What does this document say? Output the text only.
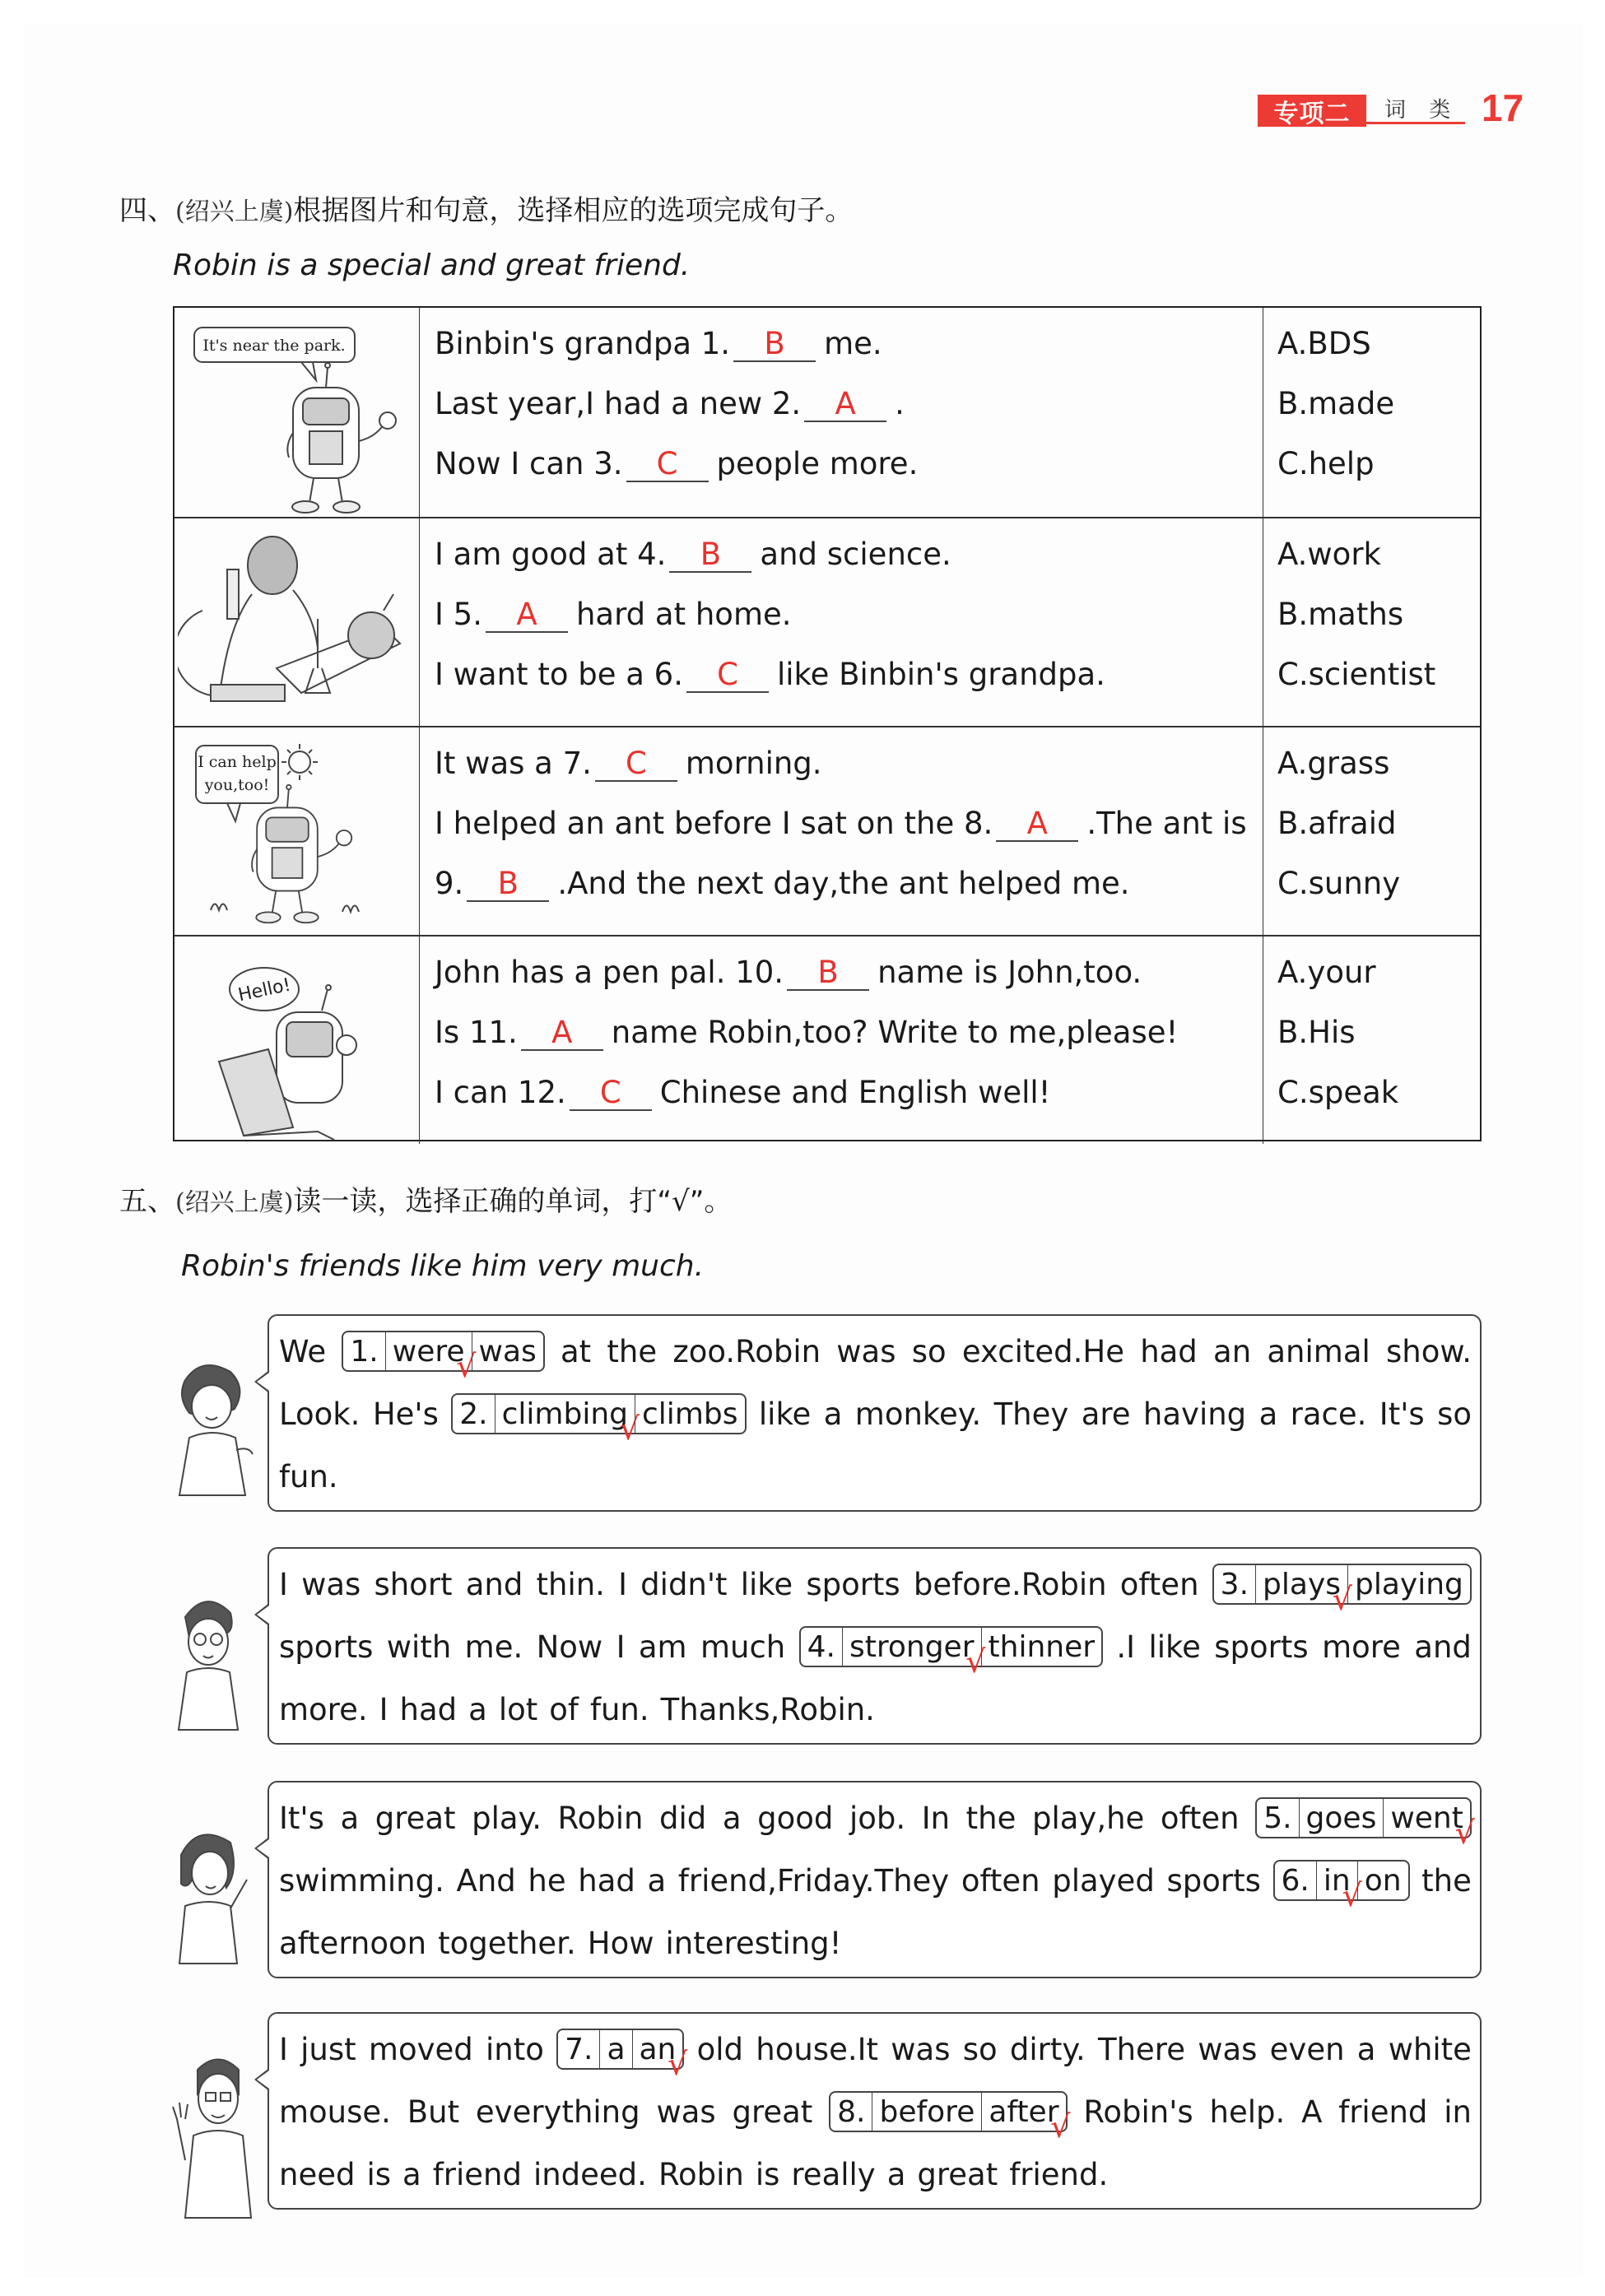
专项二	词 类 17
四、(绍兴上虞)根据图片和句意，选择相应的选项完成句子。
Robin is a special and great friend.
It's near the park.	Binbin's grandpa 1. B me.
Last year,I had a new 2. A .
Now I can 3. C people more.
A.BDS
B.made
C.help
I am good at 4. B and science.
I 5. A hard at home.
I want to be a 6. C like Binbin's grandpa.
A.work
B.maths
C.scientist
I can help
you,too!
It was a 7. C morning.
I helped an ant before I sat on the 8. A .The ant is
9. B .And the next day,the ant helped me.
A.grass
B.afraid
C.sunny
Hello!
John has a pen pal. 10. B name is John,too.
Is 11. A name Robin,too? Write to me,please!
I can 12. C Chinese and English well!
A.your
B.His
C.speak
五、(绍兴上虞)读一读，选择正确的单词，打“√”。
Robin's friends like him very much.
We 1. were
√ was at the zoo.Robin was so excited.He had an animal show.
Look. He's 2. climbing
√ climbs like a monkey. They are having a race. It's so
fun.
I was short and thin. I didn't like sports before.Robin often 3. plays
√ playing
sports with me. Now I am much 4. stronger
√ thinner .I like sports more and
more. I had a lot of fun. Thanks,Robin.
It's a great play. Robin did a good job. In the play,he often 5. goes went
√
swimming. And he had a friend,Friday.They often played sports 6. in
√ on the
afternoon together. How interesting!
I just moved into 7. a an
√ old house.It was so dirty. There was even a white
mouse. But everything was great 8. before after
√ Robin's help. A friend in
need is a friend indeed. Robin is really a great friend.
